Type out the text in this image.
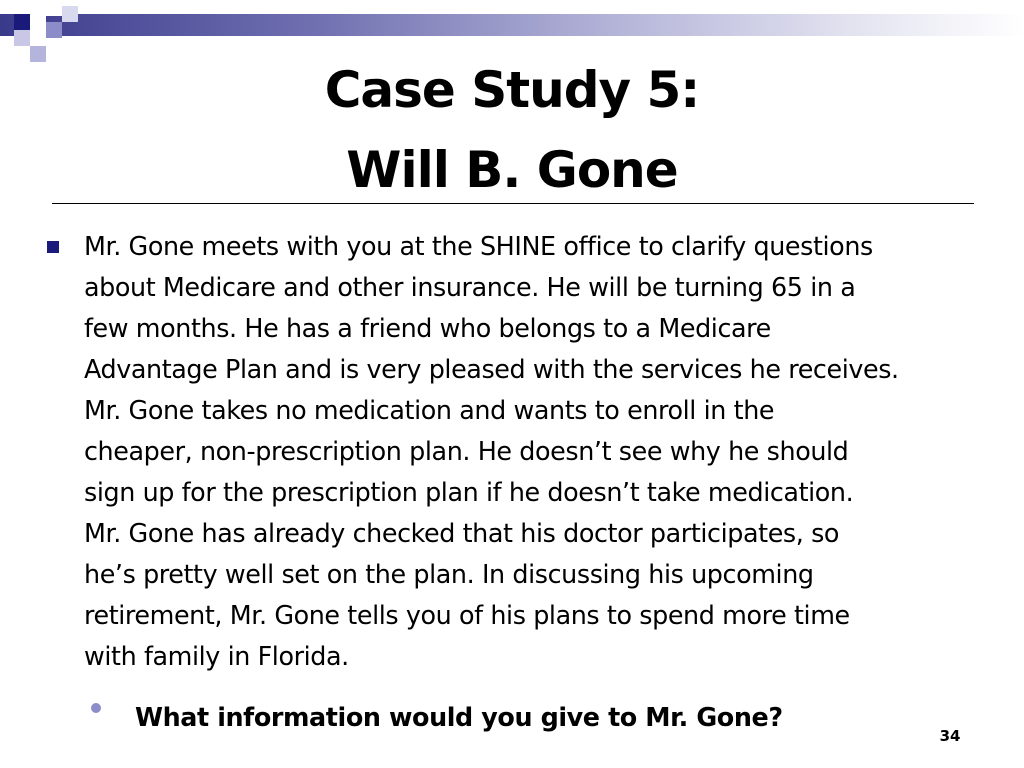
Case Study 5:
Will B. Gone
Mr. Gone meets with you at the SHINE office to clarify questions
about Medicare and other insurance. He will be turning 65 in a
few months. He has a friend who belongs to a Medicare
Advantage Plan and is very pleased with the services he receives.
Mr. Gone takes no medication and wants to enroll in the
cheaper, non-prescription plan. He doesn’t see why he should
sign up for the prescription plan if he doesn’t take medication.
Mr. Gone has already checked that his doctor participates, so
he’s pretty well set on the plan. In discussing his upcoming
retirement, Mr. Gone tells you of his plans to spend more time
with family in Florida.
What information would you give to Mr. Gone?
34
